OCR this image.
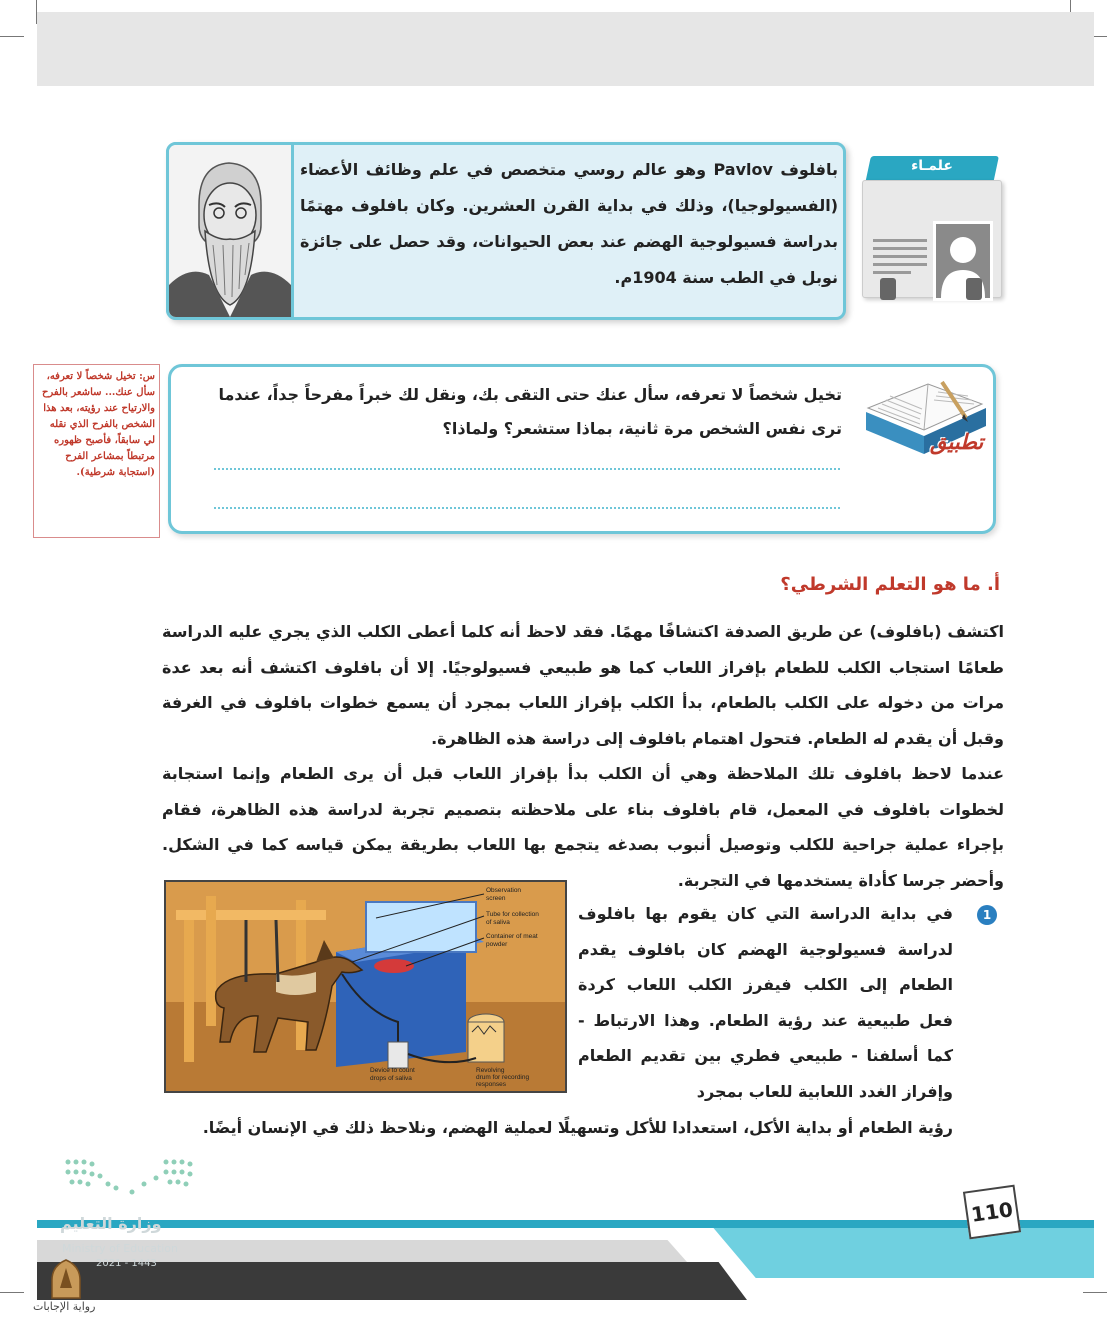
علمـاء
بافلوف Pavlov وهو عالم روسي متخصص في علم وظائف الأعضاء (الفسيولوجيا)، وذلك في بداية القرن العشرين. وكان بافلوف مهتمًا بدراسة فسيولوجية الهضم عند بعض الحيوانات، وقد حصل على جائزة نوبل في الطب سنة 1904م.
تطبيق
تخيل شخصاً لا تعرفه، سأل عنك حتى التقى بك، ونقل لك خبراً مفرحاً جداً، عندما ترى نفس الشخص مرة ثانية، بماذا ستشعر؟ ولماذا؟
س: تخيل شخصاً لا تعرفه، سأل عنك... ساشعر بالفرح والارتياح عند رؤيته، بعد هذا الشخص بالفرح الذي نقله لي سابقاً، فأصبح ظهوره مرتبطاً بمشاعر الفرح (استجابة شرطية).
أ. ما هو التعلم الشرطي؟
اكتشف (بافلوف) عن طريق الصدفة اكتشافًا مهمًا. فقد لاحظ أنه كلما أعطى الكلب الذي يجري عليه الدراسة طعامًا استجاب الكلب للطعام بإفراز اللعاب كما هو طبيعي فسيولوجيًا. إلا أن بافلوف اكتشف أنه بعد عدة مرات من دخوله على الكلب بالطعام، بدأ الكلب بإفراز اللعاب بمجرد أن يسمع خطوات بافلوف في الغرفة وقبل أن يقدم له الطعام. فتحول اهتمام بافلوف إلى دراسة هذه الظاهرة.
عندما لاحظ بافلوف تلك الملاحظة وهي أن الكلب بدأ بإفراز اللعاب قبل أن يرى الطعام وإنما استجابة لخطوات بافلوف في المعمل، قام بافلوف بناء على ملاحظته بتصميم تجربة لدراسة هذه الظاهرة، فقام بإجراء عملية جراحية للكلب وتوصيل أنبوب بصدغه يتجمع بها اللعاب بطريقة يمكن قياسه كما في الشكل. وأحضر جرسا كأداة يستخدمها في التجربة.
Observation
screen
Tube for collection
of saliva
Container of meat
powder
Device to count
drops of saliva
Revolving
drum for recording
responses
1
في بداية الدراسة التي كان يقوم بها بافلوف لدراسة فسيولوجية الهضم كان بافلوف يقدم الطعام إلى الكلب فيفرز الكلب اللعاب كردة فعل طبيعية عند رؤية الطعام. وهذا الارتباط - كما أسلفنا - طبيعي فطري بين تقديم الطعام وإفراز الغدد اللعابية للعاب بمجرد
رؤية الطعام أو بداية الأكل، استعدادا للأكل وتسهيلًا لعملية الهضم، ونلاحظ ذلك في الإنسان أيضًا.
وزارة التعليم
Ministry of Education
2021 - 1443
110
رواية الإجابات
